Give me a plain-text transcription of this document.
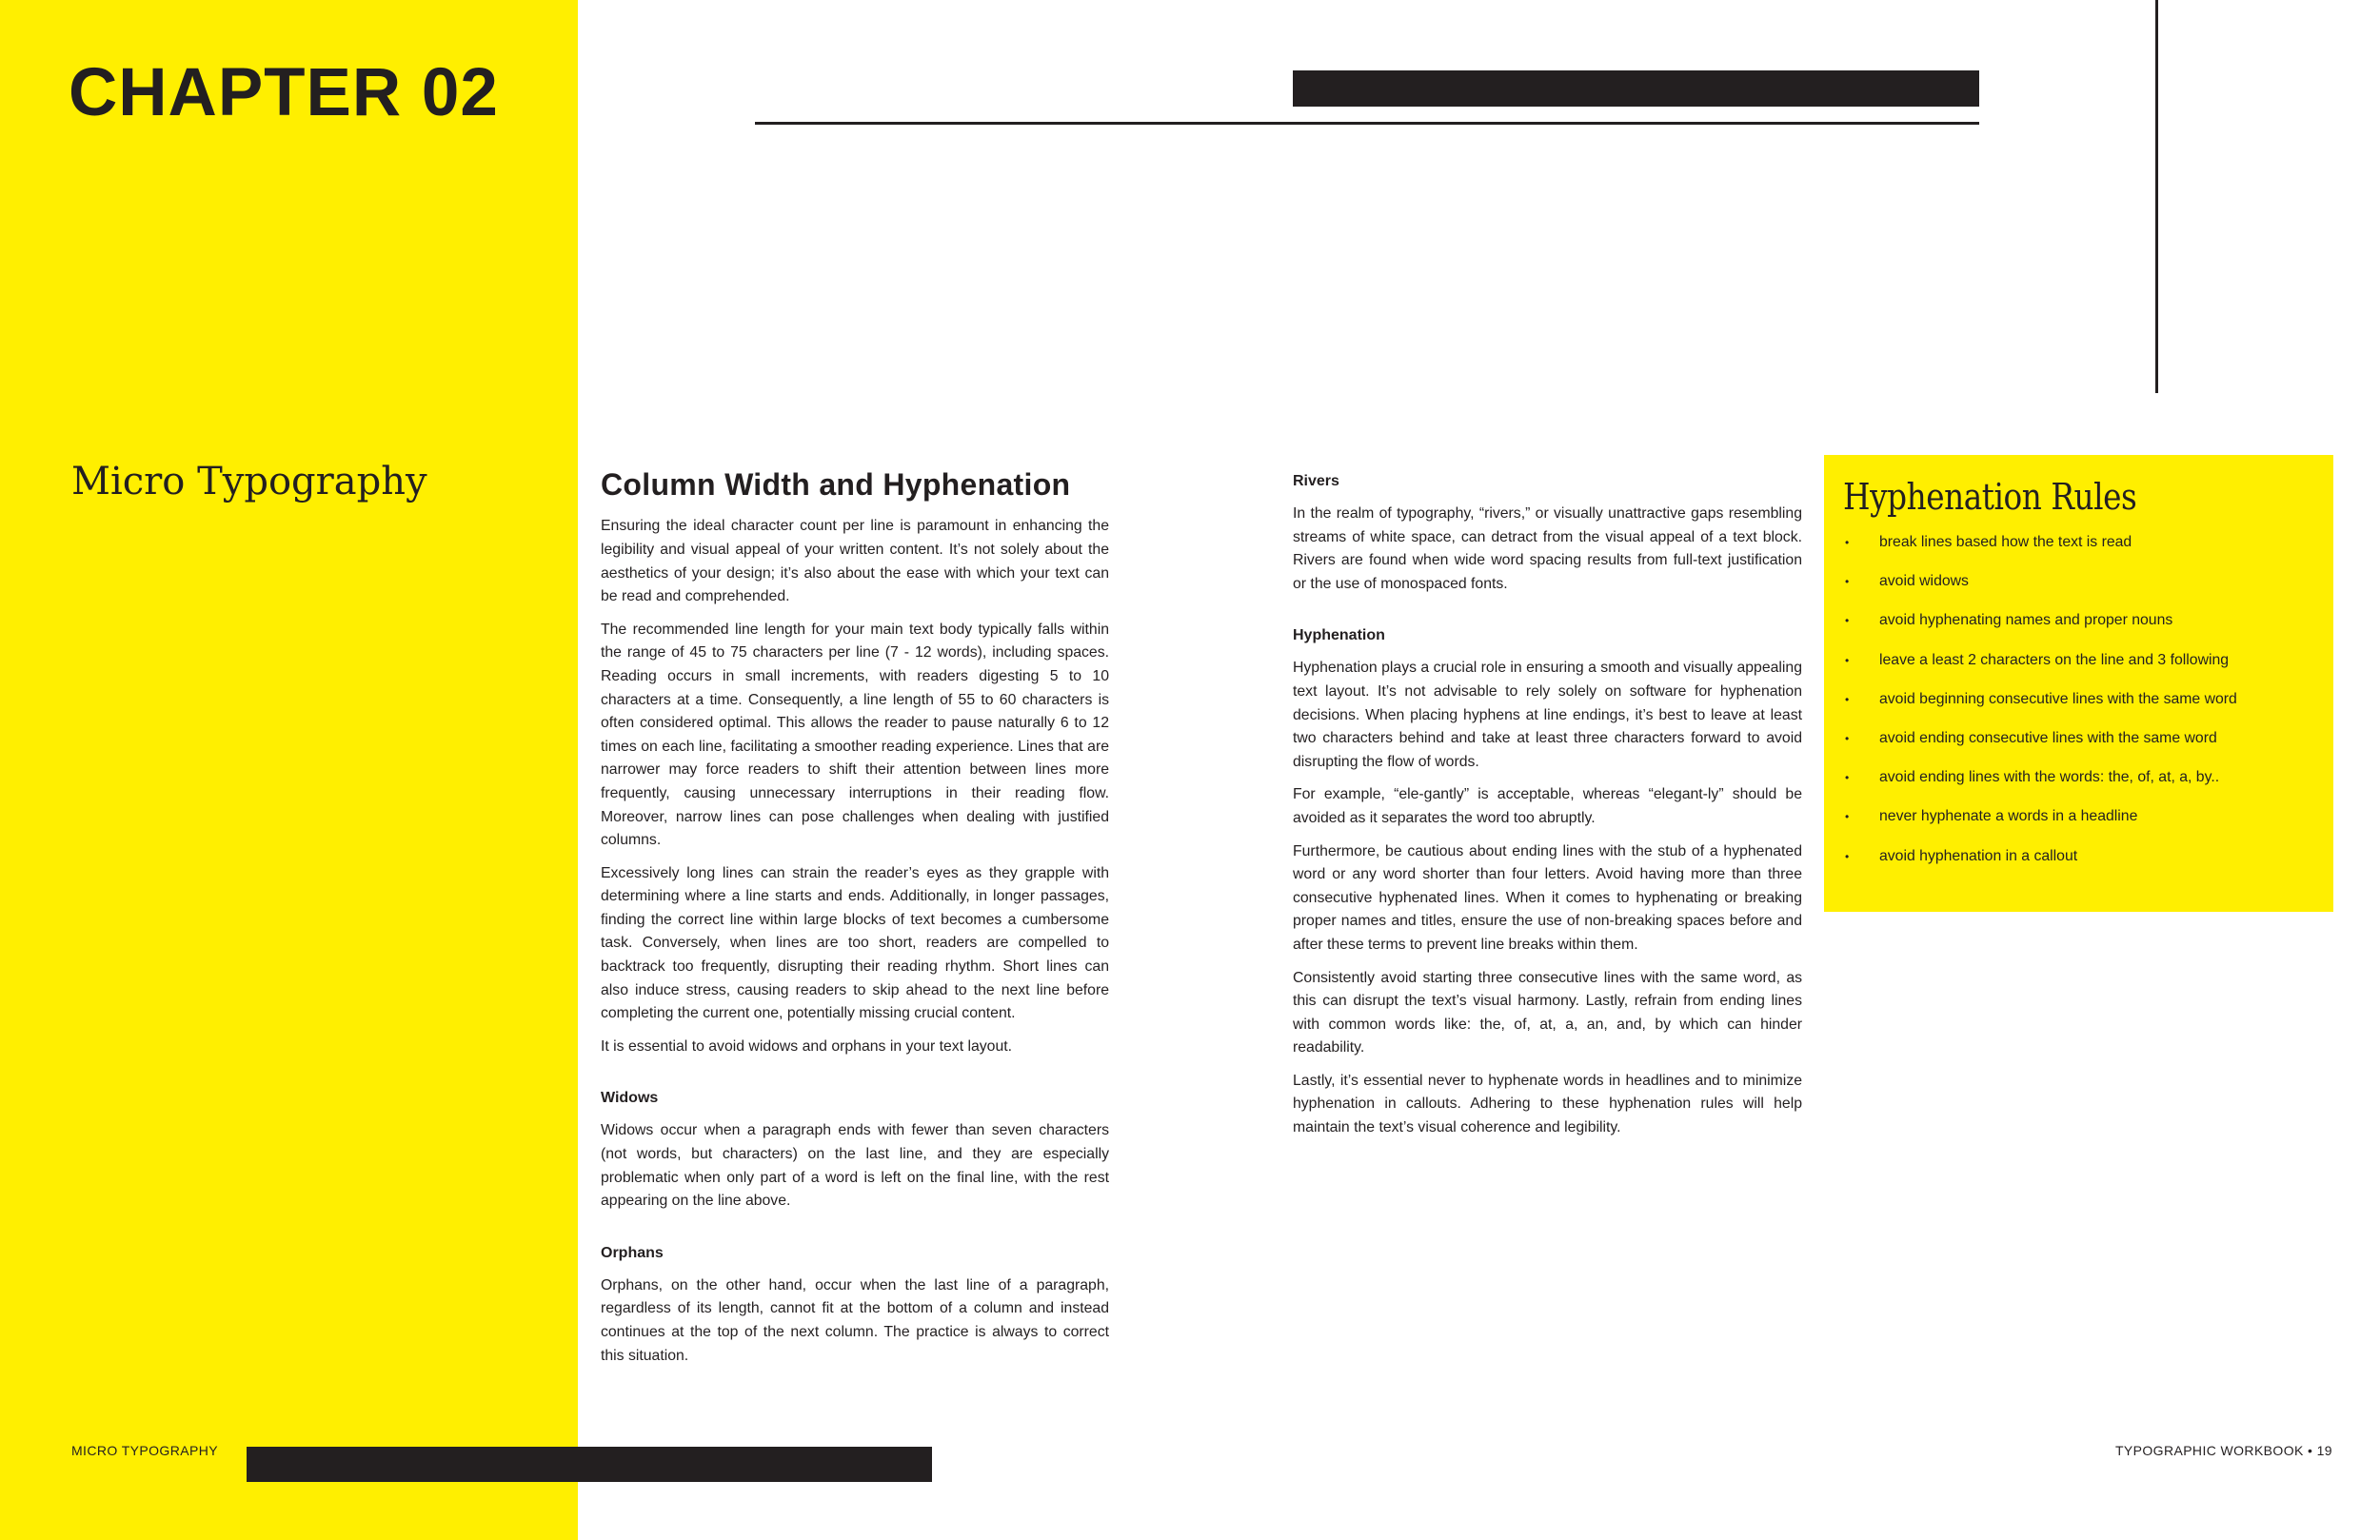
CHAPTER 02
Micro Typography	Column Width and Hyphenation

Ensuring the ideal character count per line is paramount in enhancing the legibility and visual appeal of your written content. It’s not solely about the aesthetics of your design; it’s also about the ease with which your text can be read and comprehended.

The recommended line length for your main text body typically falls within the range of 45 to 75 characters per line (7 - 12 words), including spaces. Reading occurs in small increments, with readers digesting 5 to 10 characters at a time. Consequently, a line length of 55 to 60 characters is often considered optimal. This allows the reader to pause naturally 6 to 12 times on each line, facilitating a smoother reading experience. Lines that are narrower may force readers to shift their attention between lines more frequently, causing unnecessary interruptions in their reading flow. Moreover, narrow lines can pose challenges when dealing with justified columns.

Excessively long lines can strain the reader’s eyes as they grapple with determining where a line starts and ends. Additionally, in longer passages, finding the correct line within large blocks of text becomes a cumbersome task. Conversely, when lines are too short, readers are compelled to backtrack too frequently, disrupting their reading rhythm. Short lines can also induce stress, causing readers to skip ahead to the next line before completing the current one, potentially missing crucial content.

It is essential to avoid widows and orphans in your text layout.

Widows

Widows occur when a paragraph ends with fewer than seven characters (not words, but characters) on the last line, and they are especially problematic when only part of a word is left on the final line, with the rest appearing on the line above.

Orphans

Orphans, on the other hand, occur when the last line of a paragraph, regardless of its length, cannot fit at the bottom of a column and instead continues at the top of the next column. The practice is always to correct this situation.

Rivers

In the realm of typography, “rivers,” or visually unattractive gaps resembling streams of white space, can detract from the visual appeal of a text block. Rivers are found when wide word spacing results from full-text justification or the use of monospaced fonts.

Hyphenation

Hyphenation plays a crucial role in ensuring a smooth and visually appealing text layout. It’s not advisable to rely solely on software for hyphenation decisions. When placing hyphens at line endings, it’s best to leave at least two characters behind and take at least three characters forward to avoid disrupting the flow of words.

For example, “ele-gantly” is acceptable, whereas “elegant-ly” should be avoided as it separates the word too abruptly.

Furthermore, be cautious about ending lines with the stub of a hyphenated word or any word shorter than four letters. Avoid having more than three consecutive hyphenated lines. When it comes to hyphenating or breaking proper names and titles, ensure the use of non-breaking spaces before and after these terms to prevent line breaks within them.

Consistently avoid starting three consecutive lines with the same word, as this can disrupt the text’s visual harmony. Lastly, refrain from ending lines with common words like: the, of, at, a, an, and, by which can hinder readability.

Lastly, it’s essential never to hyphenate words in headlines and to minimize hyphenation in callouts. Adhering to these hyphenation rules will help maintain the text’s visual coherence and legibility.

Hyphenation Rules
• break lines based how the text is read
• avoid widows
• avoid hyphenating names and proper nouns
• leave a least 2 characters on the line and 3 following
• avoid beginning consecutive lines with the same word
• avoid ending consecutive lines with the same word
• avoid ending lines with the words: the, of, at, a, by..
• never hyphenate a words in a headline
• avoid hyphenation in a callout
MICRO TYPOGRAPHY	TYPOGRAPHIC WORKBOOK • 19
